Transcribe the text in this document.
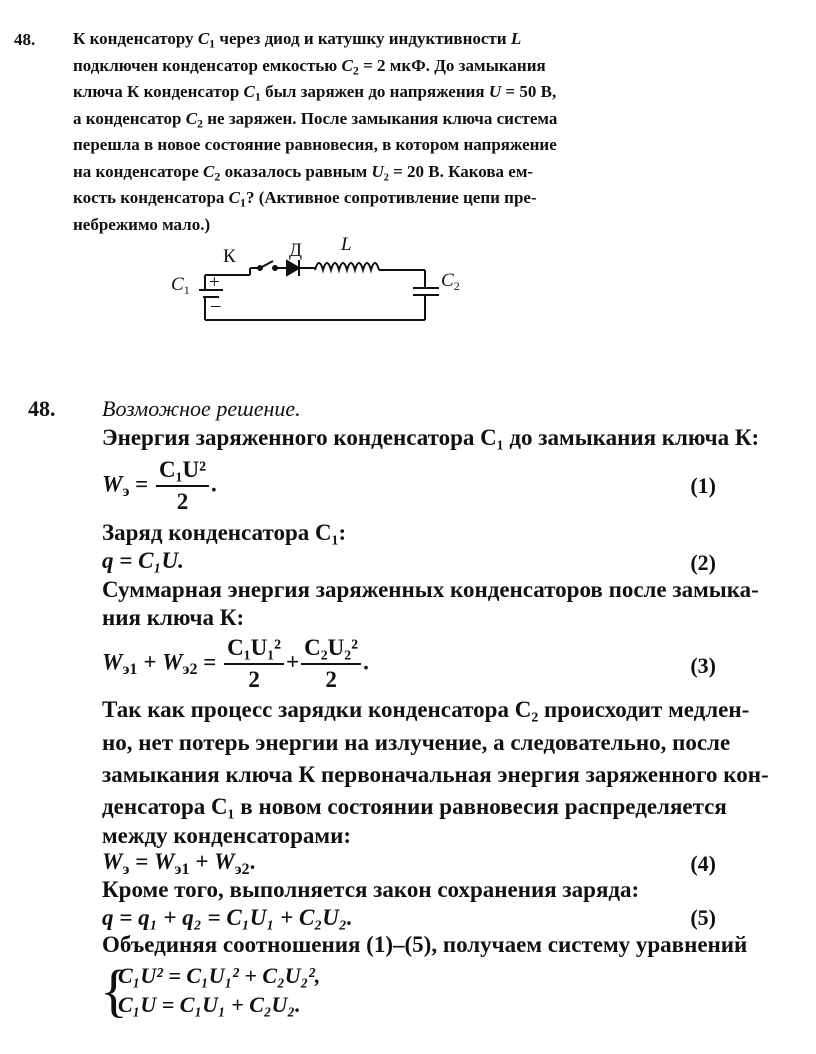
48. К конденсатору $C_1$ через диод и катушку индуктивности L
подключен конденсатор емкостью $C_2 = 2$ мкФ. До замыкания
ключа К конденсатор $C_1$ был заряжен до напряжения U = 50 В,
а конденсатор $C_2$ не заряжен. После замыкания ключа система
перешла в новое состояние равновесия, в котором напряжение
на конденсаторе $C_2$ оказалось равным U₂ = 20 В. Какова ем-
кость конденсатора $C_1$? (Активное сопротивление цепи пре-
небрежимо мало.)
$C_1$ +
–
К	Д L
$C_2$
48. Возможное решение.
Энергия заряженного конденсатора C₁ до замыкания ключа К:
$W_э = \frac{\text{C₁U²}}{2}$ .	(1)
Заряд конденсатора C₁:
q = C₁U.	(2)
Суммарная энергия заряженных конденсаторов после замыка-
ния ключа К:
$W_{э1} + W_{э2} = \frac{\text{C₁U₁²}}{2} + \frac{\text{C₂U₂²}}{2}$ .	(3)
Так как процесс зарядки конденсатора C₂ происходит медлен-
но, нет потерь энергии на излучение, а следовательно, после
замыкания ключа К первоначальная энергия заряженного кон-
денсатора C₁ в новом состоянии равновесия распределяется
между конденсаторами:
$W_э = W_{э1} + W_{э2}$.	(4)
Кроме того, выполняется закон сохранения заряда:
q = q₁ + q₂ = C₁U₁ + C₂U₂.	(5)
Объединяя соотношения (1)–(5), получаем систему уравнений
{
C₁U² = C₁U₁² + C₂U₂²,
C₁U = C₁U₁ + C₂U₂.
